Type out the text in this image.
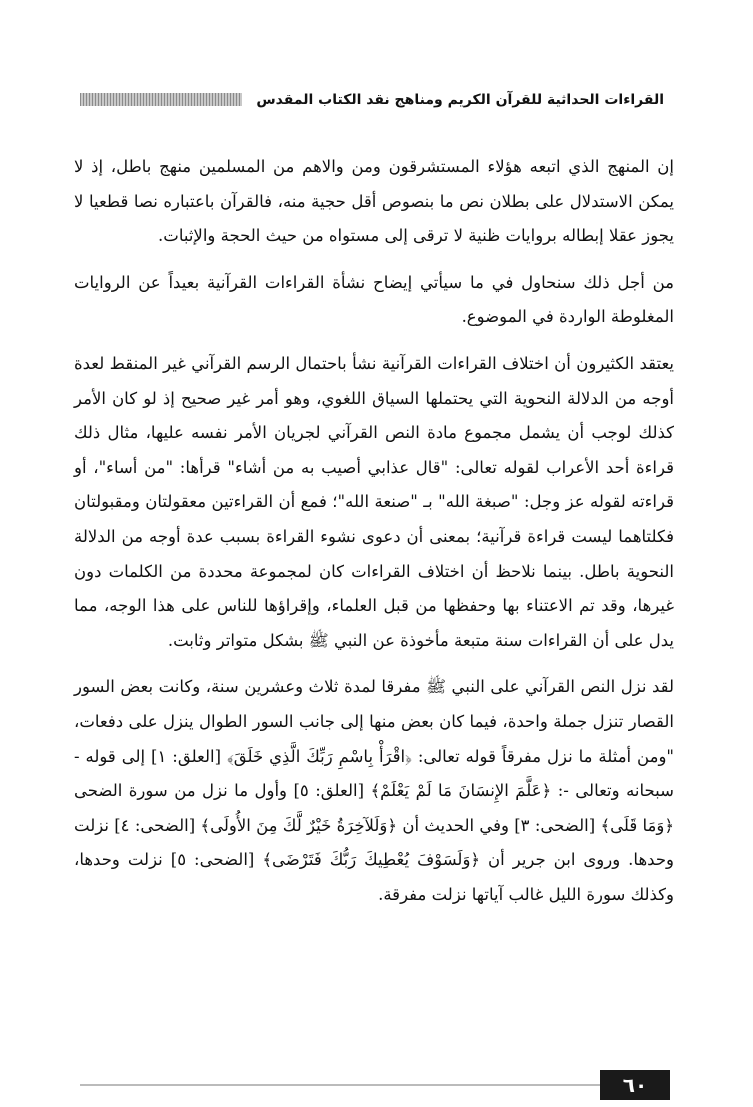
القراءات الحداثية للقرآن الكريم ومناهج نقد الكتاب المقدس

إن المنهج الذي اتبعه هؤلاء المستشرقون ومن والاهم من المسلمين منهج باطل، إذ لا يمكن الاستدلال على بطلان نص ما بنصوص أقل حجية منه، فالقرآن باعتباره نصا قطعيا لا يجوز عقلا إبطاله بروايات ظنية لا ترقى إلى مستواه من حيث الحجة والإثبات.

من أجل ذلك سنحاول في ما سيأتي إيضاح نشأة القراءات القرآنية بعيداً عن الروايات المغلوطة الواردة في الموضوع.

يعتقد الكثيرون أن اختلاف القراءات القرآنية نشأ باحتمال الرسم القرآني غير المنقط لعدة أوجه من الدلالة النحوية التي يحتملها السياق اللغوي، وهو أمر غير صحيح إذ لو كان الأمر كذلك لوجب أن يشمل مجموع مادة النص القرآني لجريان الأمر نفسه عليها، مثال ذلك قراءة أحد الأعراب لقوله تعالى: "قال عذابي أصيب به من أشاء" قرأها: "من أساء"، أو قراءته لقوله عز وجل: "صبغة الله" بـ "صنعة الله"؛ فمع أن القراءتين معقولتان ومقبولتان فكلتاهما ليست قراءة قرآنية؛ بمعنى أن دعوى نشوء القراءة بسبب عدة أوجه من الدلالة النحوية باطل. بينما نلاحظ أن اختلاف القراءات كان لمجموعة محددة من الكلمات دون غيرها، وقد تم الاعتناء بها وحفظها من قبل العلماء، وإقراؤها للناس على هذا الوجه، مما يدل على أن القراءات سنة متبعة مأخوذة عن النبي ﷺ بشكل متواتر وثابت.

لقد نزل النص القرآني على النبي ﷺ مفرقا لمدة ثلاث وعشرين سنة، وكانت بعض السور القصار تنزل جملة واحدة، فيما كان بعض منها إلى جانب السور الطوال ينزل على دفعات، "ومن أمثلة ما نزل مفرقاً قوله تعالى: ﴿اقْرَأْ بِاسْمِ رَبِّكَ الَّذِي خَلَقَ﴾ [العلق: ١] إلى قوله - سبحانه وتعالى -: ﴿عَلَّمَ الإِنسَانَ مَا لَمْ يَعْلَمْ﴾ [العلق: ٥] وأول ما نزل من سورة الضحى ﴿وَمَا قَلَى﴾ [الضحى: ٣] وفي الحديث أن ﴿وَلَلآخِرَةُ خَيْرٌ لَّكَ مِنَ الأُولَى﴾ [الضحى: ٤] نزلت وحدها. وروى ابن جرير أن ﴿وَلَسَوْفَ يُعْطِيكَ رَبُّكَ فَتَرْضَى﴾ [الضحى: ٥] نزلت وحدها، وكذلك سورة الليل غالب آياتها نزلت مفرقة.

٦٠
